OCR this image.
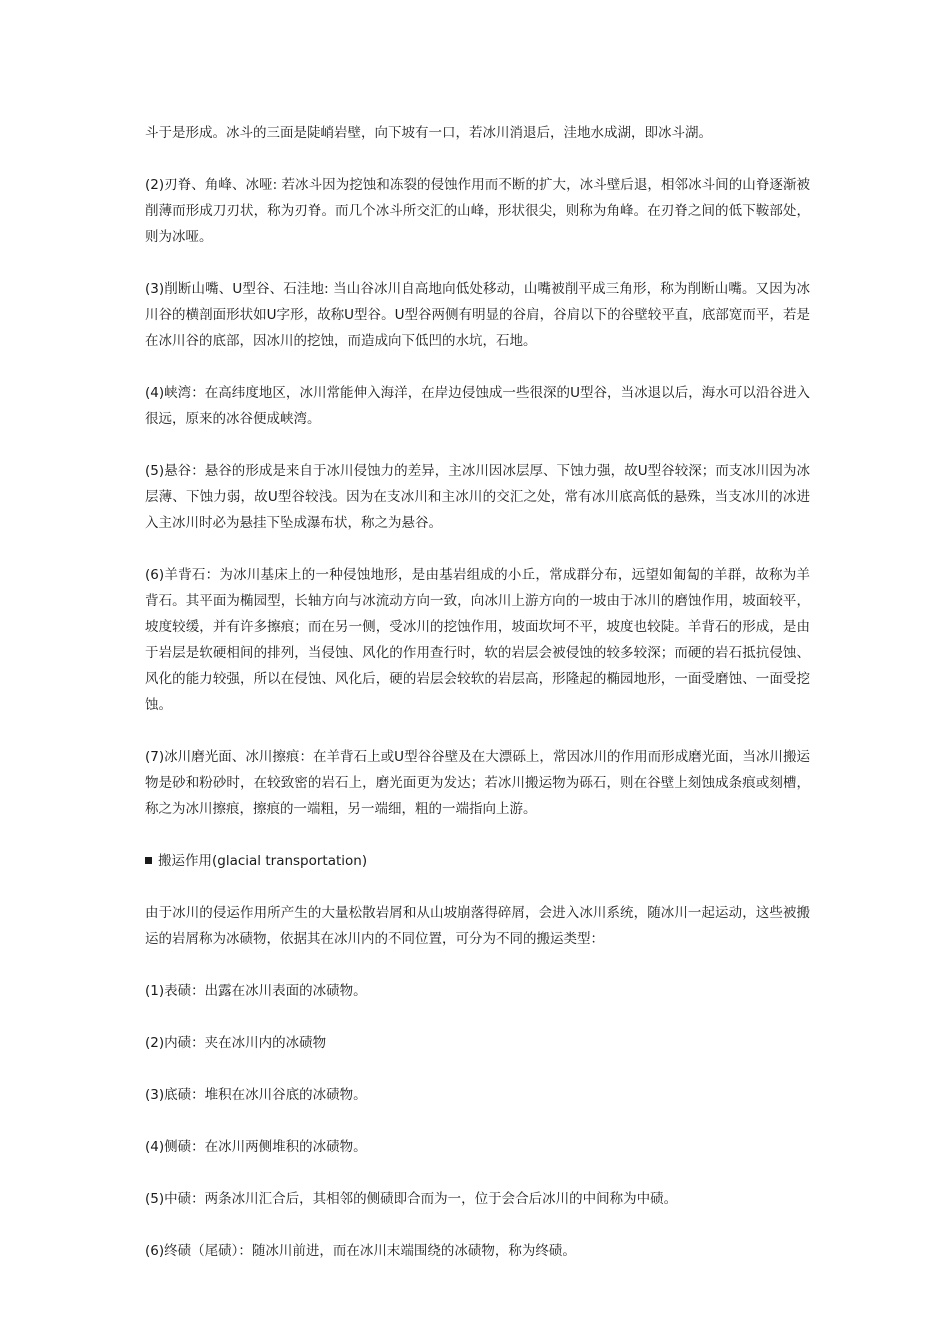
斗于是形成。冰斗的三面是陡峭岩壁，向下坡有一口，若冰川消退后，洼地水成湖，即冰斗湖。

(2)刃脊、角峰、冰哑: 若冰斗因为挖蚀和冻裂的侵蚀作用而不断的扩大，冰斗壁后退，相邻冰斗间的山脊逐渐被削薄而形成刀刃状，称为刃脊。而几个冰斗所交汇的山峰，形状很尖，则称为角峰。在刃脊之间的低下鞍部处，则为冰哑。

(3)削断山嘴、U型谷、石洼地: 当山谷冰川自高地向低处移动，山嘴被削平成三角形，称为削断山嘴。又因为冰川谷的横剖面形状如U字形，故称U型谷。U型谷两侧有明显的谷肩，谷肩以下的谷壁较平直，底部宽而平，若是在冰川谷的底部，因冰川的挖蚀，而造成向下低凹的水坑，石地。

(4)峡湾：在高纬度地区，冰川常能伸入海洋，在岸边侵蚀成一些很深的U型谷，当冰退以后，海水可以沿谷进入很远，原来的冰谷便成峡湾。

(5)悬谷：悬谷的形成是来自于冰川侵蚀力的差异，主冰川因冰层厚、下蚀力强，故U型谷较深；而支冰川因为冰层薄、下蚀力弱，故U型谷较浅。因为在支冰川和主冰川的交汇之处，常有冰川底高低的悬殊，当支冰川的冰进入主冰川时必为悬挂下坠成瀑布状，称之为悬谷。

(6)羊背石：为冰川基床上的一种侵蚀地形，是由基岩组成的小丘，常成群分布，远望如匍匐的羊群，故称为羊背石。其平面为椭园型，长轴方向与冰流动方向一致，向冰川上游方向的一坡由于冰川的磨蚀作用，坡面较平，坡度较缓，并有许多擦痕；而在另一侧，受冰川的挖蚀作用，坡面坎坷不平，坡度也较陡。羊背石的形成，是由于岩层是软硬相间的排列，当侵蚀、风化的作用查行时，软的岩层会被侵蚀的较多较深；而硬的岩石抵抗侵蚀、风化的能力较强，所以在侵蚀、风化后，硬的岩层会较软的岩层高，形隆起的椭园地形，一面受磨蚀、一面受挖蚀。

(7)冰川磨光面、冰川擦痕：在羊背石上或U型谷谷壁及在大漂砾上，常因冰川的作用而形成磨光面，当冰川搬运物是砂和粉砂时，在较致密的岩石上，磨光面更为发达；若冰川搬运物为砾石，则在谷壁上刻蚀成条痕或刻槽，称之为冰川擦痕，擦痕的一端粗，另一端细，粗的一端指向上游。

搬运作用(glacial transportation)

由于冰川的侵运作用所产生的大量松散岩屑和从山坡崩落得碎屑，会进入冰川系统，随冰川一起运动，这些被搬运的岩屑称为冰碛物，依据其在冰川内的不同位置，可分为不同的搬运类型：

(1)表碛：出露在冰川表面的冰碛物。

(2)内碛：夹在冰川内的冰碛物

(3)底碛：堆积在冰川谷底的冰碛物。

(4)侧碛：在冰川两侧堆积的冰碛物。

(5)中碛：两条冰川汇合后，其相邻的侧碛即合而为一，位于会合后冰川的中间称为中碛。

(6)终碛（尾碛）：随冰川前进，而在冰川末端围绕的冰碛物，称为终碛。
